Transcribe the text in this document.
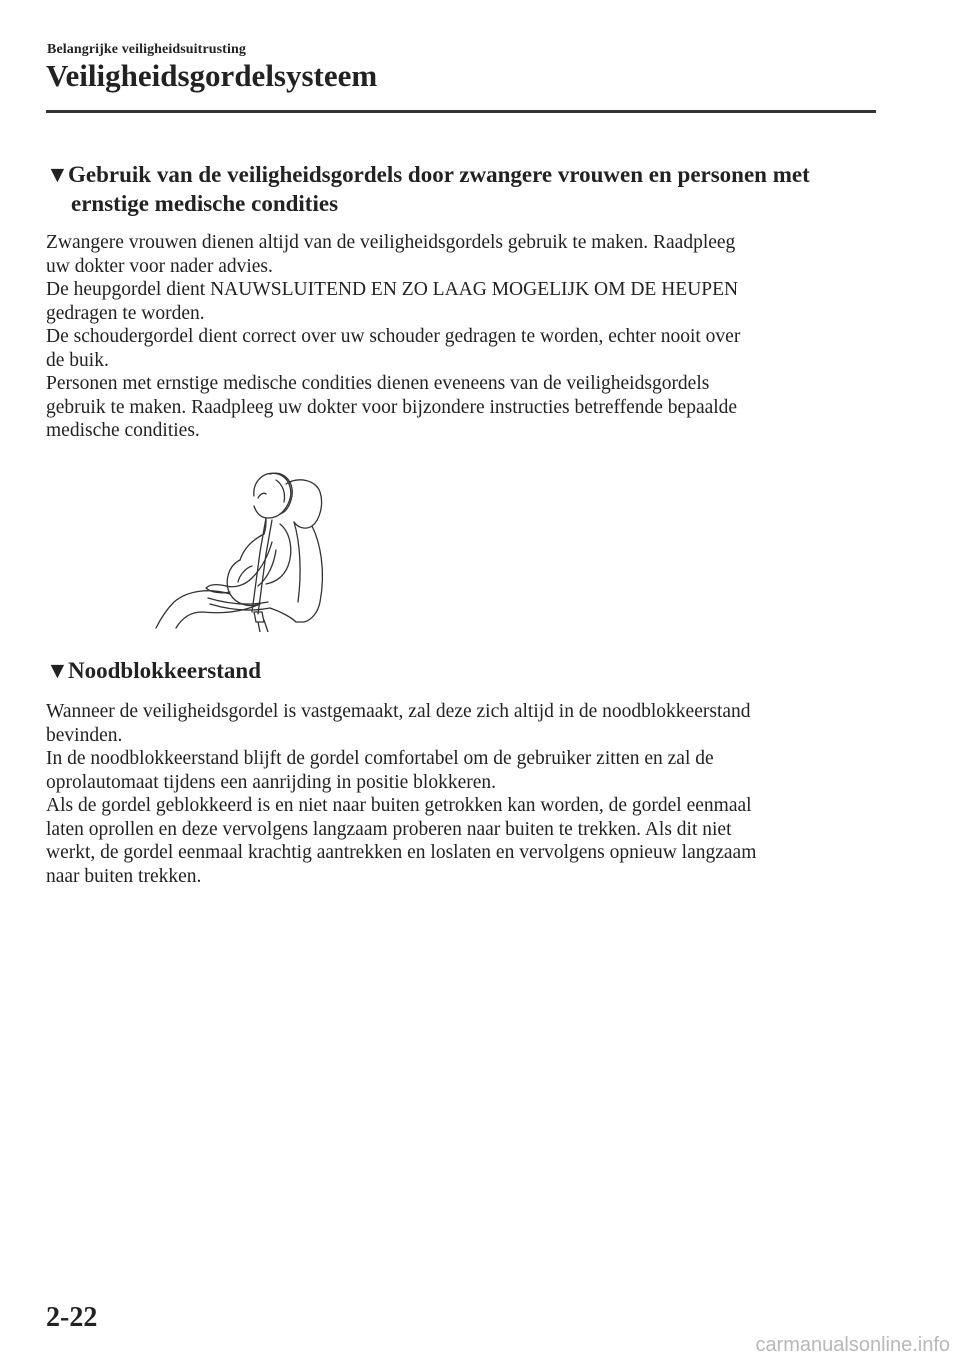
Belangrijke veiligheidsuitrusting
Veiligheidsgordelsysteem
▼Gebruik van de veiligheidsgordels door zwangere vrouwen en personen met
ernstige medische condities

Zwangere vrouwen dienen altijd van de veiligheidsgordels gebruik te maken. Raadpleeg

uw dokter voor nader advies.

De heupgordel dient NAUWSLUITEND EN ZO LAAG MOGELIJK OM DE HEUPEN

gedragen te worden.

De schoudergordel dient correct over uw schouder gedragen te worden, echter nooit over

de buik.

Personen met ernstige medische condities dienen eveneens van de veiligheidsgordels

gebruik te maken. Raadpleeg uw dokter voor bijzondere instructies betreffende bepaalde

medische condities.

▼Noodblokkeerstand

Wanneer de veiligheidsgordel is vastgemaakt, zal deze zich altijd in de noodblokkeerstand

bevinden.

In de noodblokkeerstand blijft de gordel comfortabel om de gebruiker zitten en zal de

oprolautomaat tijdens een aanrijding in positie blokkeren.

Als de gordel geblokkeerd is en niet naar buiten getrokken kan worden, de gordel eenmaal

laten oprollen en deze vervolgens langzaam proberen naar buiten te trekken. Als dit niet

werkt, de gordel eenmaal krachtig aantrekken en loslaten en vervolgens opnieuw langzaam

naar buiten trekken.

2-22
carmanualsonline.info
